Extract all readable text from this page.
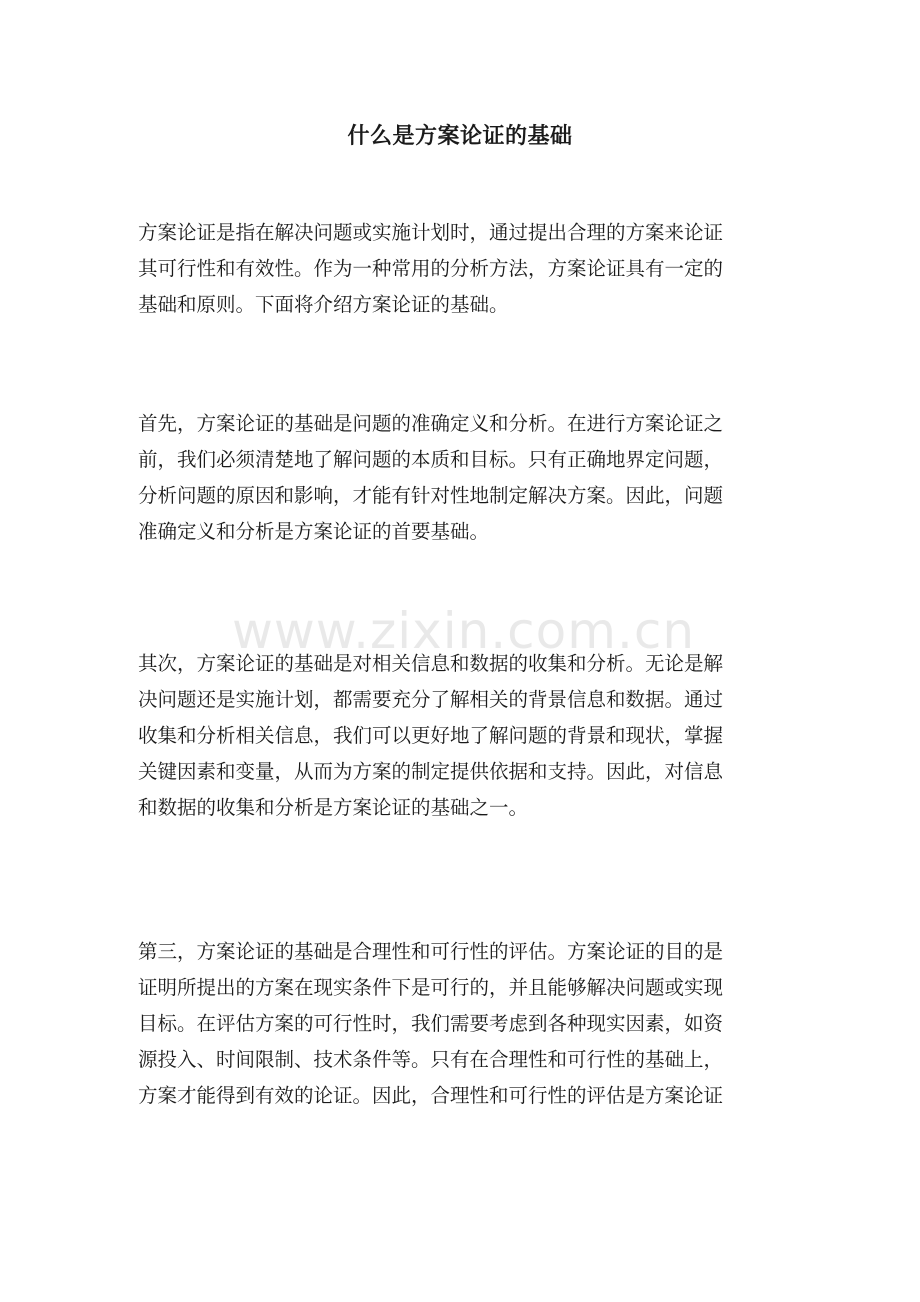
www.zixin.com.cn
什么是方案论证的基础
方案论证是指在解决问题或实施计划时，通过提出合理的方案来论证
其可行性和有效性。作为一种常用的分析方法，方案论证具有一定的
基础和原则。下面将介绍方案论证的基础。
首先，方案论证的基础是问题的准确定义和分析。在进行方案论证之
前，我们必须清楚地了解问题的本质和目标。只有正确地界定问题，
分析问题的原因和影响，才能有针对性地制定解决方案。因此，问题
准确定义和分析是方案论证的首要基础。
其次，方案论证的基础是对相关信息和数据的收集和分析。无论是解
决问题还是实施计划，都需要充分了解相关的背景信息和数据。通过
收集和分析相关信息，我们可以更好地了解问题的背景和现状，掌握
关键因素和变量，从而为方案的制定提供依据和支持。因此，对信息
和数据的收集和分析是方案论证的基础之一。
第三，方案论证的基础是合理性和可行性的评估。方案论证的目的是
证明所提出的方案在现实条件下是可行的，并且能够解决问题或实现
目标。在评估方案的可行性时，我们需要考虑到各种现实因素，如资
源投入、时间限制、技术条件等。只有在合理性和可行性的基础上，
方案才能得到有效的论证。因此，合理性和可行性的评估是方案论证
